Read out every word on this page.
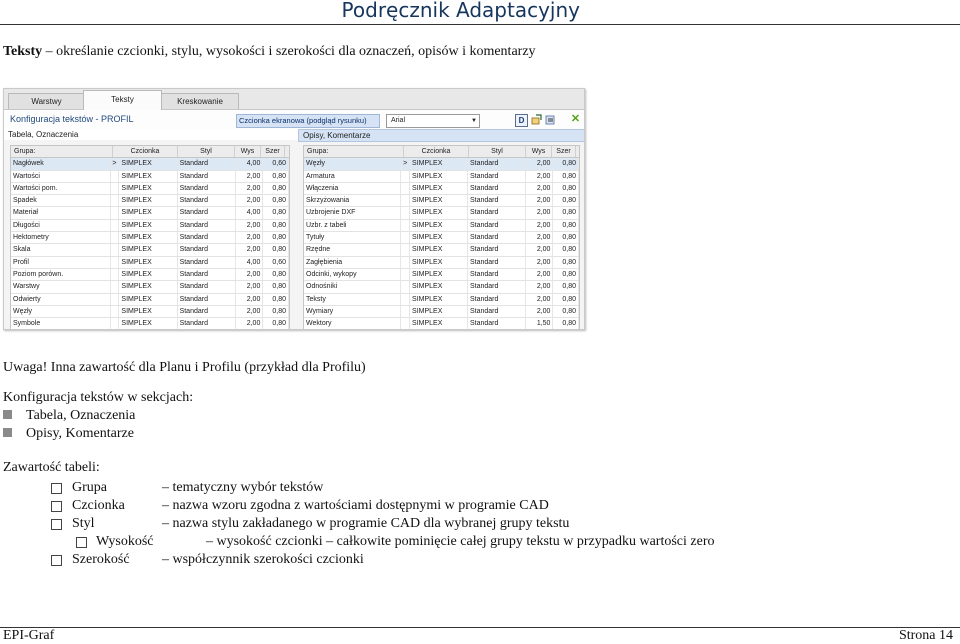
Podręcznik Adaptacyjny
Teksty – określanie czcionki, stylu, wysokości i szerokości dla oznaczeń, opisów i komentarzy
Warstwy	Teksty	Kreskowanie
Konfiguracja tekstów - PROFIL	Czcionka ekranowa (podgląd rysunku)	Arial	▼	D	✕
Tabela, Oznaczenia	Opisy, Komentarze
Grupa:	Czcionka	Styl	Wys	Szer
Nagłówek	> SIMPLEX	Standard	4,00	0,60
Wartości	SIMPLEX	Standard	2,00	0,80
Wartości pom.	SIMPLEX	Standard	2,00	0,80
Spadek	SIMPLEX	Standard	2,00	0,80
Materiał	SIMPLEX	Standard	4,00	0,80
Długości	SIMPLEX	Standard	2,00	0,80
Hektometry	SIMPLEX	Standard	2,00	0,80
Skala	SIMPLEX	Standard	2,00	0,80
Profil	SIMPLEX	Standard	4,00	0,60
Poziom porówn.	SIMPLEX	Standard	2,00	0,80
Warstwy	SIMPLEX	Standard	2,00	0,80
Odwierty	SIMPLEX	Standard	2,00	0,80
Węzły	SIMPLEX	Standard	2,00	0,80
Symbole	SIMPLEX	Standard	2,00	0,80
Grupa:	Czcionka	Styl	Wys	Szer
Węzły	> SIMPLEX	Standard	2,00	0,80
Armatura	SIMPLEX	Standard	2,00	0,80
Włączenia	SIMPLEX	Standard	2,00	0,80
Skrzyżowania	SIMPLEX	Standard	2,00	0,80
Uzbrojenie DXF	SIMPLEX	Standard	2,00	0,80
Uzbr. z tabeli	SIMPLEX	Standard	2,00	0,80
Tytuły	SIMPLEX	Standard	2,00	0,80
Rzędne	SIMPLEX	Standard	2,00	0,80
Zagłębienia	SIMPLEX	Standard	2,00	0,80
Odcinki, wykopy	SIMPLEX	Standard	2,00	0,80
Odnośniki	SIMPLEX	Standard	2,00	0,80
Teksty	SIMPLEX	Standard	2,00	0,80
Wymiary	SIMPLEX	Standard	2,00	0,80
Wektory	SIMPLEX	Standard	1,50	0,80
Uwaga! Inna zawartość dla Planu i Profilu (przykład dla Profilu)
Konfiguracja tekstów w sekcjach:
Tabela, Oznaczenia
Opisy, Komentarze
Zawartość tabeli:
Grupa	– tematyczny wybór tekstów
Czcionka	– nazwa wzoru zgodna z wartościami dostępnymi w programie CAD
Styl	– nazwa stylu zakładanego w programie CAD dla wybranej grupy tekstu
Wysokość	– wysokość czcionki – całkowite pominięcie całej grupy tekstu w przypadku wartości zero
Szerokość – współczynnik szerokości czcionki
EPI-Graf	Strona 14
